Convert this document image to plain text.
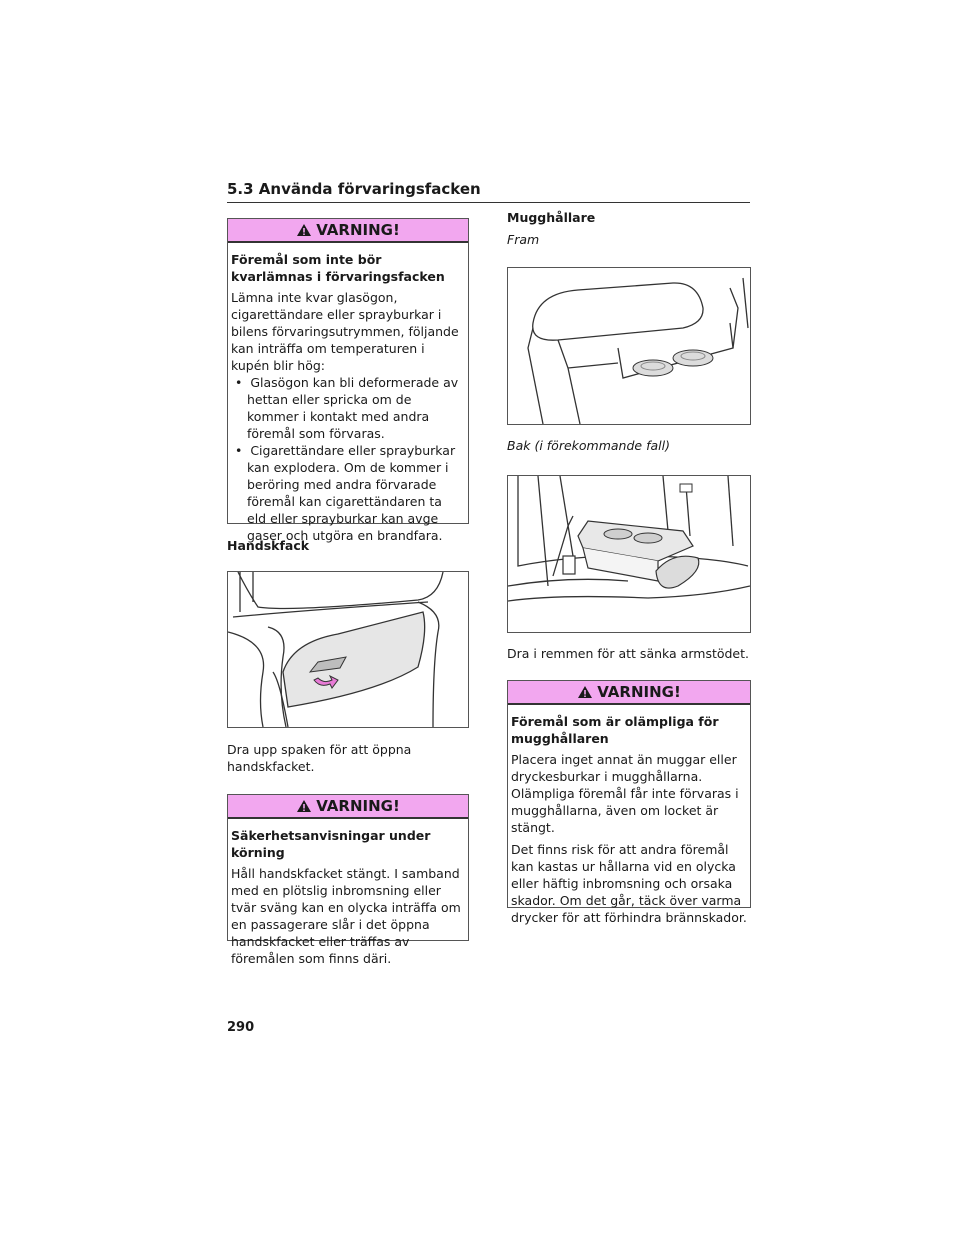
5.3 Använda förvaringsfacken
VARNING!
Föremål som inte bör kvarlämnas i förvaringsfacken

Lämna inte kvar glasögon, cigarettändare eller sprayburkar i bilens förvaringsutrymmen, följande kan inträffa om temperaturen i kupén blir hög:

•  Glasögon kan bli deformerade av hettan eller spricka om de kommer i kontakt med andra föremål som förvaras.
•  Cigarettändare eller sprayburkar kan explodera. Om de kommer i beröring med andra förvarade föremål kan cigarettändaren ta eld eller sprayburkar kan avge gaser och utgöra en brandfara.
Handskfack
Dra upp spaken för att öppna handskfacket.
VARNING!
Säkerhetsanvisningar under körning

Håll handskfacket stängt. I samband med en plötslig inbromsning eller tvär sväng kan en olycka inträffa om en passagerare slår i det öppna handskfacket eller träffas av föremålen som finns däri.

Mugghållare
Fram
Bak (i förekommande fall)
Dra i remmen för att sänka armstödet.
VARNING!
Föremål som är olämpliga för mugghållaren

Placera inget annat än muggar eller dryckesburkar i mugghållarna. Olämpliga föremål får inte förvaras i mugghållarna, även om locket är stängt.

Det finns risk för att andra föremål kan kastas ur hållarna vid en olycka eller häftig inbromsning och orsaka skador. Om det går, täck över varma drycker för att förhindra brännskador.

290
